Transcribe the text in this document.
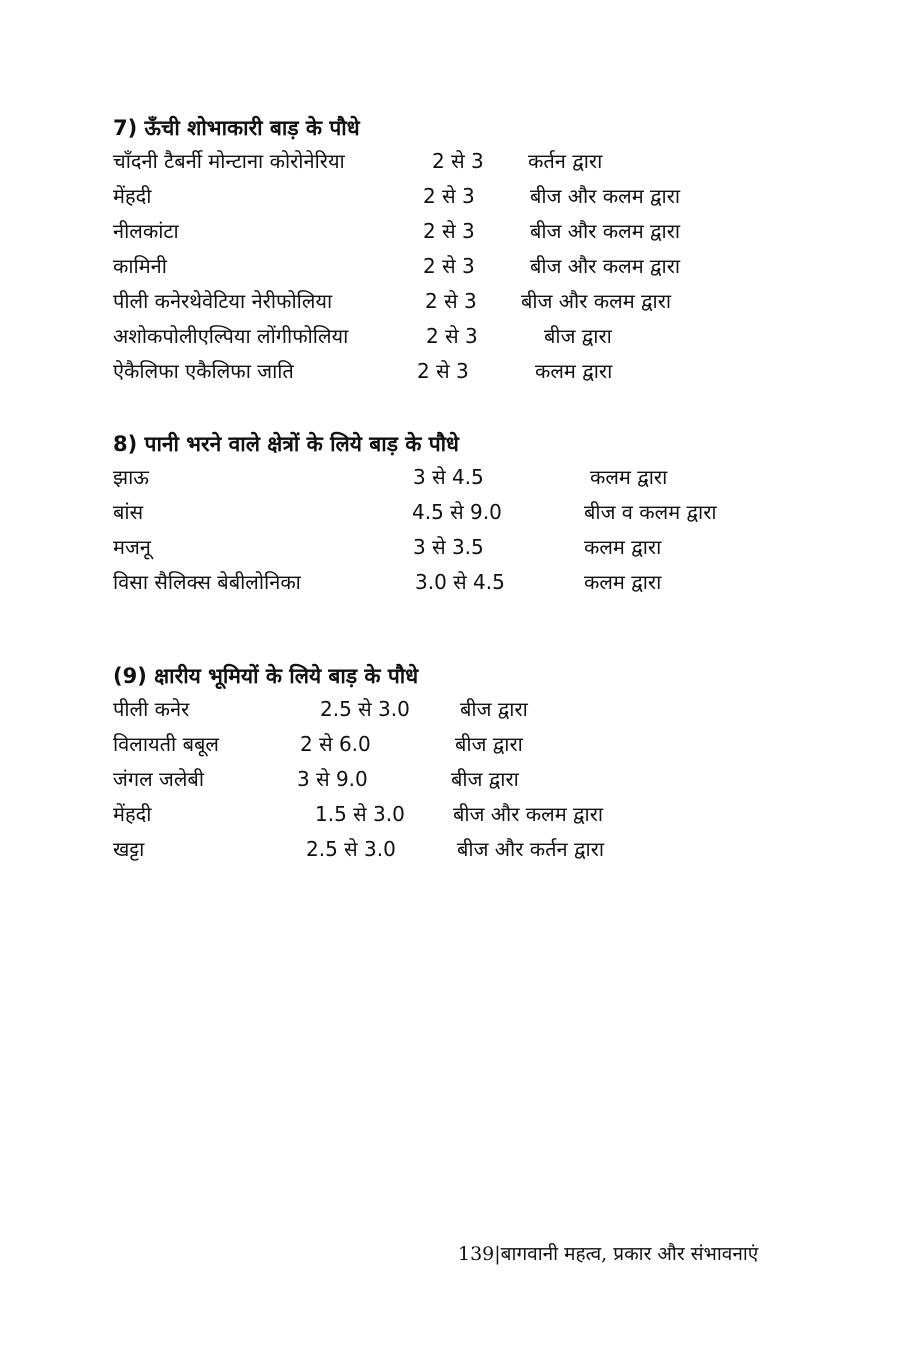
7) ऊँची शोभाकारी बाड़ के पौधे
चाँदनी टैबर्नी मोन्टाना कोरोनेरिया	2 से 3 कर्तन द्वारा
मेंहदी	2 से 3	बीज और कलम द्वारा
नीलकांटा	2 से 3	बीज और कलम द्वारा
कामिनी	2 से 3	बीज और कलम द्वारा
पीली कनेरथेवेटिया नेरीफोलिया	2 से 3 बीज और कलम द्वारा
अशोकपोलीएल्पिया लोंगीफोलिया	2 से 3	बीज द्वारा
ऐकैलिफा एकैलिफा जाति	2 से 3	कलम द्वारा
8) पानी भरने वाले क्षेत्रों के लिये बाड़ के पौधे
झाऊ	3 से 4.5	कलम द्वारा
बांस	4.5 से 9.0	बीज व कलम द्वारा
मजनू	3 से 3.5	कलम द्वारा
विसा सैलिक्स बेबीलोनिका	3.0 से 4.5	कलम द्वारा
(9) क्षारीय भूमियों के लिये बाड़ के पौधे
पीली कनेर	2.5 से 3.0	बीज द्वारा
विलायती बबूल	2 से 6.0	बीज द्वारा
जंगल जलेबी	3 से 9.0	बीज द्वारा
मेंहदी	1.5 से 3.0 बीज और कलम द्वारा
खट्टा	2.5 से 3.0	बीज और कर्तन द्वारा
139|बागवानी महत्व, प्रकार और संभावनाएं
